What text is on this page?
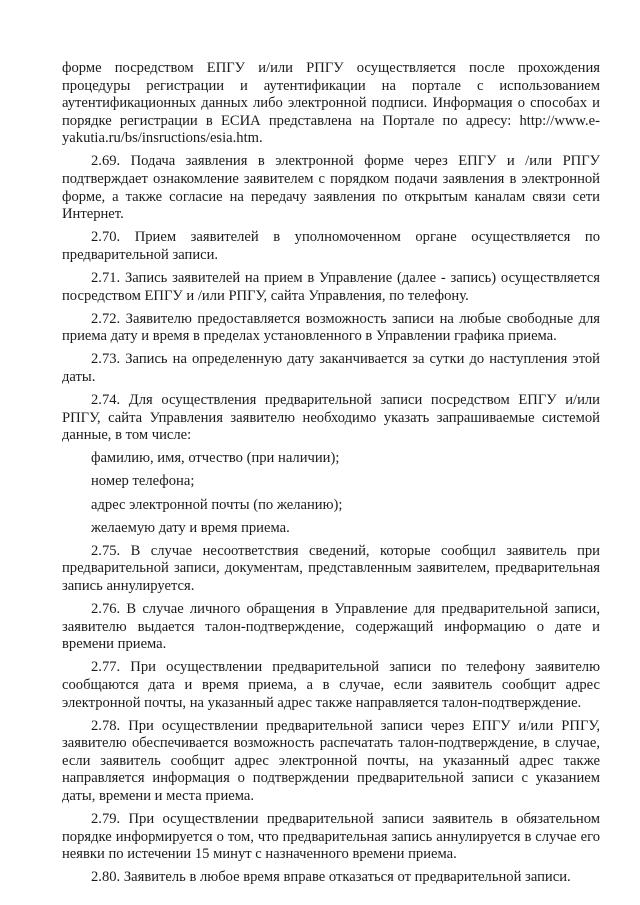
форме посредством ЕПГУ и/или РПГУ осуществляется после прохождения процедуры регистрации и аутентификации на портале с использованием аутентификационных данных либо электронной подписи. Информация о способах и порядке регистрации в ЕСИА представлена на Портале по адресу: http://www.e-yakutia.ru/bs/insructions/esia.htm.

2.69. Подача заявления в электронной форме через ЕПГУ и /или РПГУ подтверждает ознакомление заявителем с порядком подачи заявления в электронной форме, а также согласие на передачу заявления по открытым каналам связи сети Интернет.

2.70. Прием заявителей в уполномоченном органе осуществляется по предварительной записи.

2.71. Запись заявителей на прием в Управление (далее - запись) осуществляется посредством ЕПГУ и /или РПГУ, сайта Управления, по телефону.

2.72. Заявителю предоставляется возможность записи на любые свободные для приема дату и время в пределах установленного в Управлении графика приема.

2.73. Запись на определенную дату заканчивается за сутки до наступления этой даты.

2.74. Для осуществления предварительной записи посредством ЕПГУ и/или РПГУ, сайта Управления заявителю необходимо указать запрашиваемые системой данные, в том числе:

фамилию, имя, отчество (при наличии);

номер телефона;

адрес электронной почты (по желанию);

желаемую дату и время приема.

2.75. В случае несоответствия сведений, которые сообщил заявитель при предварительной записи, документам, представленным заявителем, предварительная запись аннулируется.

2.76. В случае личного обращения в Управление для предварительной записи, заявителю выдается талон-подтверждение, содержащий информацию о дате и времени приема.

2.77. При осуществлении предварительной записи по телефону заявителю сообщаются дата и время приема, а в случае, если заявитель сообщит адрес электронной почты, на указанный адрес также направляется талон-подтверждение.

2.78. При осуществлении предварительной записи через ЕПГУ и/или РПГУ, заявителю обеспечивается возможность распечатать талон-подтверждение, в случае, если заявитель сообщит адрес электронной почты, на указанный адрес также направляется информация о подтверждении предварительной записи с указанием даты, времени и места приема.

2.79. При осуществлении предварительной записи заявитель в обязательном порядке информируется о том, что предварительная запись аннулируется в случае его неявки по истечении 15 минут с назначенного времени приема.

2.80. Заявитель в любое время вправе отказаться от предварительной записи.
